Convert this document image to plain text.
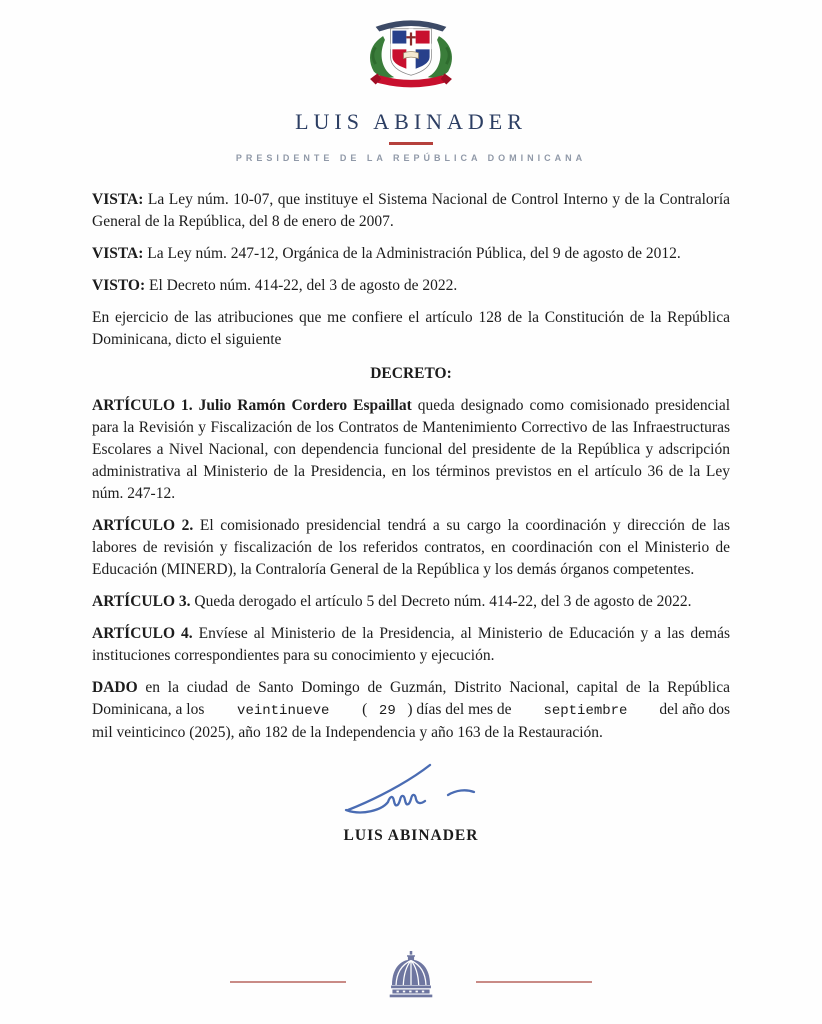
LUIS ABINADER
PRESIDENTE DE LA REPÚBLICA DOMINICANA

VISTA: La Ley núm. 10-07, que instituye el Sistema Nacional de Control Interno y de la Contraloría General de la República, del 8 de enero de 2007.

VISTA: La Ley núm. 247-12, Orgánica de la Administración Pública, del 9 de agosto de 2012.

VISTO: El Decreto núm. 414-22, del 3 de agosto de 2022.

En ejercicio de las atribuciones que me confiere el artículo 128 de la Constitución de la República Dominicana, dicto el siguiente

DECRETO:

ARTÍCULO 1. Julio Ramón Cordero Espaillat queda designado como comisionado presidencial para la Revisión y Fiscalización de los Contratos de Mantenimiento Correctivo de las Infraestructuras Escolares a Nivel Nacional, con dependencia funcional del presidente de la República y adscripción administrativa al Ministerio de la Presidencia, en los términos previstos en el artículo 36 de la Ley núm. 247-12.

ARTÍCULO 2. El comisionado presidencial tendrá a su cargo la coordinación y dirección de las labores de revisión y fiscalización de los referidos contratos, en coordinación con el Ministerio de Educación (MINERD), la Contraloría General de la República y los demás órganos competentes.

ARTÍCULO 3. Queda derogado el artículo 5 del Decreto núm. 414-22, del 3 de agosto de 2022.

ARTÍCULO 4. Envíese al Ministerio de la Presidencia, al Ministerio de Educación y a las demás instituciones correspondientes para su conocimiento y ejecución.

DADO en la ciudad de Santo Domingo de Guzmán, Distrito Nacional, capital de la República Dominicana, a los veintinueve ( 29 ) días del mes de septiembre del año dos mil veinticinco (2025), año 182 de la Independencia y año 163 de la Restauración.

LUIS ABINADER
